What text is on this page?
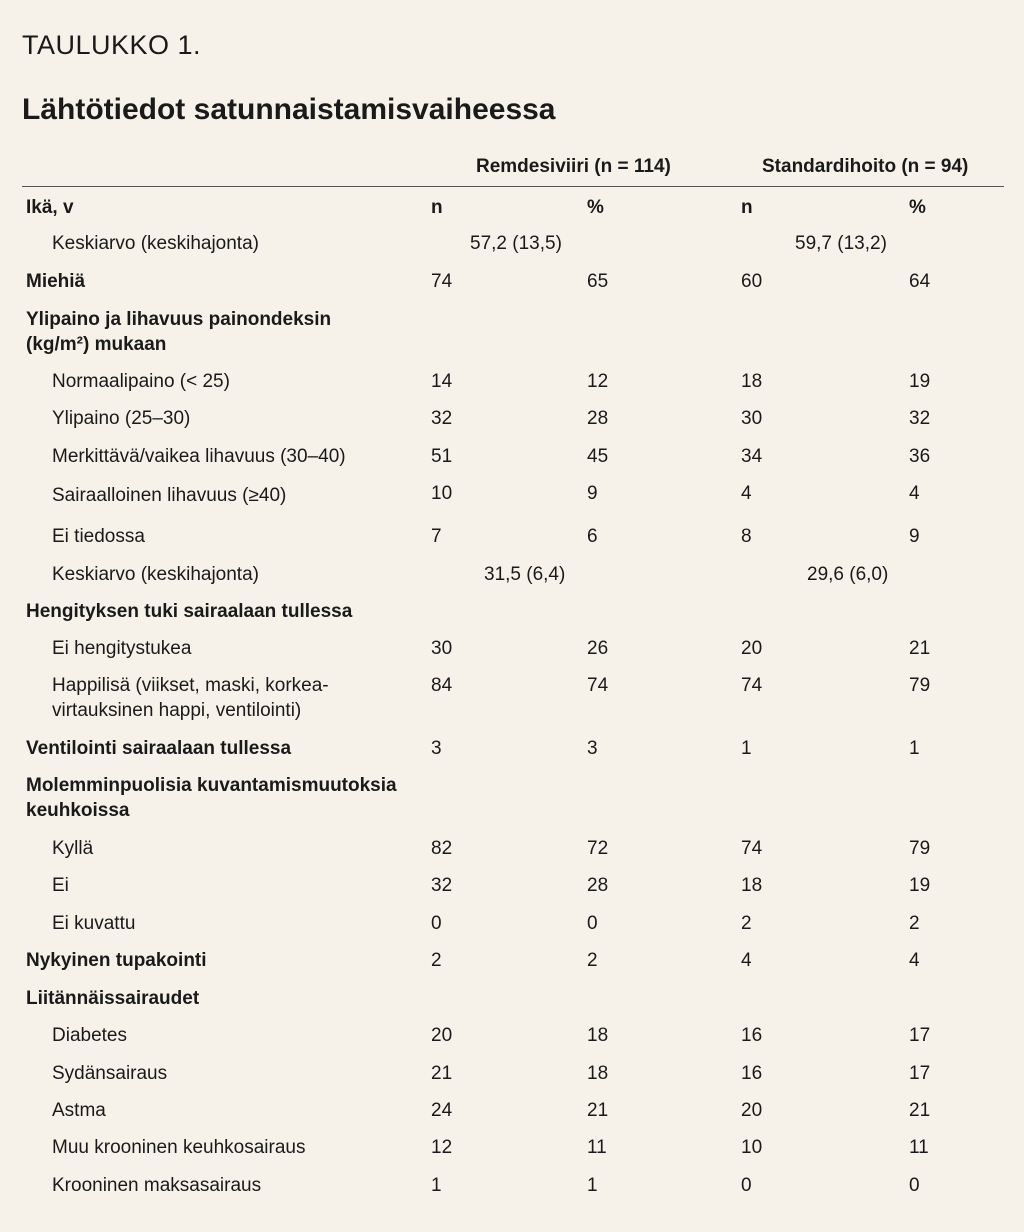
TAULUKKO 1.
Lähtötiedot satunnaistamisvaiheessa
Remdesiviiri (n = 114)	Standardihoito (n = 94)
Ikä, v	n	%	n	%
Keskiarvo (keskihajonta)	57,2 (13,5)	59,7 (13,2)
Miehiä	74	65	60	64
Ylipaino ja lihavuus painondeksin
(kg/m²) mukaan
Normaalipaino (< 25)	14	12	18	19
Ylipaino (25–30)	32	28	30	32
Merkittävä/vaikea lihavuus (30–40)	51	45	34	36
Sairaalloinen lihavuus (≥40)	10	9	4	4
Ei tiedossa	7	6	8	9
Keskiarvo (keskihajonta)	31,5 (6,4)	29,6 (6,0)
Hengityksen tuki sairaalaan tullessa
Ei hengitystukea	30	26	20	21
Happilisä (viikset, maski, korkea-	84	74	74	79
virtauksinen happi, ventilointi)
Ventilointi sairaalaan tullessa	3	3	1	1
Molemminpuolisia kuvantamismuutoksia
keuhkoissa
Kyllä	82	72	74	79
Ei	32	28	18	19
Ei kuvattu	0	0	2	2
Nykyinen tupakointi	2	2	4	4
Liitännäissairaudet
Diabetes	20	18	16	17
Sydänsairaus	21	18	16	17
Astma	24	21	20	21
Muu krooninen keuhkosairaus	12	11	10	11
Krooninen maksasairaus	1	1	0	0
